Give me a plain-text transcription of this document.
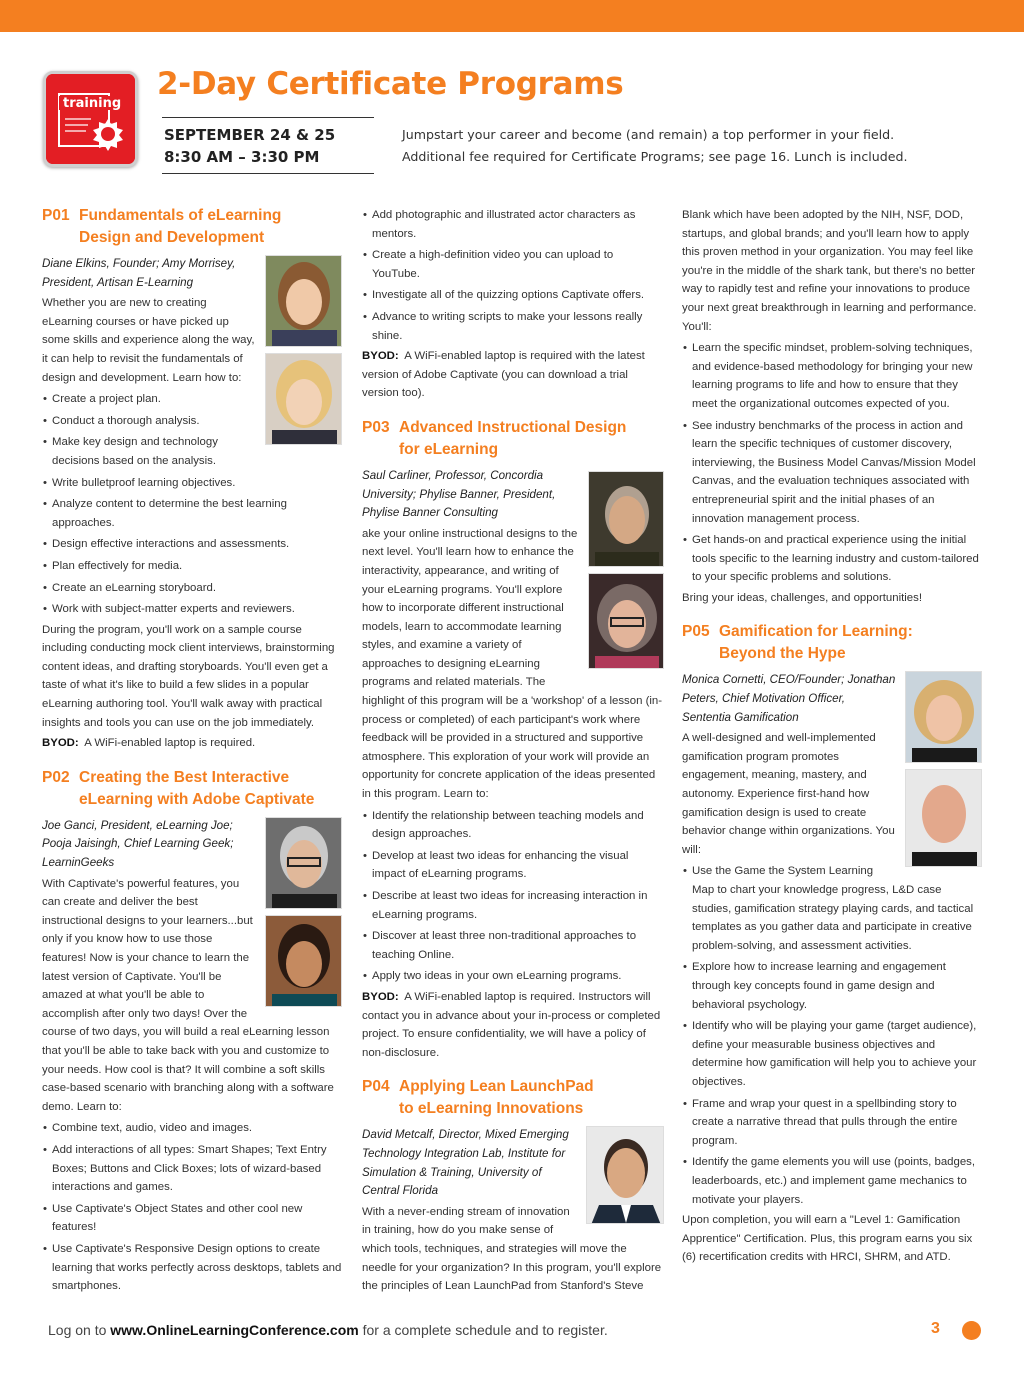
training
2-Day Certificate Programs
SEPTEMBER 24 & 25
8:30 AM – 3:30 PM
Jumpstart your career and become (and remain) a top performer in your field.
Additional fee required for Certificate Programs; see page 16. Lunch is included.
P01 Fundamentals of eLearning
Design and Development
Diane Elkins, Founder; Amy Morrisey, President, Artisan E-Learning
Whether you are new to creating eLearning courses or have picked up some skills and experience along the way, it can help to revisit the fundamentals of design and development. Learn how to:
• Create a project plan.
• Conduct a thorough analysis.
• Make key design and technology decisions based on the analysis.
• Write bulletproof learning objectives.
• Analyze content to determine the best learning approaches.
• Design effective interactions and assessments.
• Plan effectively for media.
• Create an eLearning storyboard.
• Work with subject-matter experts and reviewers.
During the program, you'll work on a sample course including conducting mock client interviews, brainstorming content ideas, and drafting storyboards. You'll even get a taste of what it's like to build a few slides in a popular eLearning authoring tool. You'll walk away with practical insights and tools you can use on the job immediately.
BYOD: A WiFi-enabled laptop is required.
P02 Creating the Best Interactive
eLearning with Adobe Captivate
Joe Ganci, President, eLearning Joe; Pooja Jaisingh, Chief Learning Geek; LearninGeeks
With Captivate's powerful features, you can create and deliver the best instructional designs to your learners...but only if you know how to use those features! Now is your chance to learn the latest version of Captivate. You'll be amazed at what you'll be able to accomplish after only two days! Over the course of two days, you will build a real eLearning lesson that you'll be able to take back with you and customize to your needs. How cool is that? It will combine a soft skills case-based scenario with branching along with a software demo. Learn to:
• Combine text, audio, video and images.
• Add interactions of all types: Smart Shapes; Text Entry Boxes; Buttons and Click Boxes; lots of wizard-based interactions and games.
• Use Captivate's Object States and other cool new features!
• Use Captivate's Responsive Design options to create learning that works perfectly across desktops, tablets and smartphones.
• Add photographic and illustrated actor characters as mentors.
• Create a high-definition video you can upload to YouTube.
• Investigate all of the quizzing options Captivate offers.
• Advance to writing scripts to make your lessons really shine.
BYOD: A WiFi-enabled laptop is required with the latest version of Adobe Captivate (you can download a trial version too).
P03 Advanced Instructional Design
for eLearning
Saul Carliner, Professor, Concordia University; Phylise Banner, President, Phylise Banner Consulting
ake your online instructional designs to the next level. You'll learn how to enhance the interactivity, appearance, and writing of your eLearning programs. You'll explore how to incorporate different instructional models, learn to accommodate learning styles, and examine a variety of approaches to designing eLearning programs and related materials. The highlight of this program will be a 'workshop' of a lesson (in-process or completed) of each participant's work where feedback will be provided in a structured and supportive atmosphere. This exploration of your work will provide an opportunity for concrete application of the ideas presented in this program. Learn to:
• Identify the relationship between teaching models and design approaches.
• Develop at least two ideas for enhancing the visual impact of eLearning programs.
• Describe at least two ideas for increasing interaction in eLearning programs.
• Discover at least three non-traditional approaches to teaching Online.
• Apply two ideas in your own eLearning programs.
BYOD: A WiFi-enabled laptop is required. Instructors will contact you in advance about your in-process or completed project. To ensure confidentiality, we will have a policy of non-disclosure.
P04 Applying Lean LaunchPad
to eLearning Innovations
David Metcalf, Director, Mixed Emerging Technology Integration Lab, Institute for Simulation & Training, University of Central Florida
With a never-ending stream of innovation in training, how do you make sense of which tools, techniques, and strategies will move the needle for your organization? In this program, you'll explore the principles of Lean LaunchPad from Stanford's Steve
Blank which have been adopted by the NIH, NSF, DOD, startups, and global brands; and you'll learn how to apply this proven method in your organization. You may feel like you're in the middle of the shark tank, but there's no better way to rapidly test and refine your innovations to produce your next great breakthrough in learning and performance. You'll:
• Learn the specific mindset, problem-solving techniques, and evidence-based methodology for bringing your new learning programs to life and how to ensure that they meet the organizational outcomes expected of you.
• See industry benchmarks of the process in action and learn the specific techniques of customer discovery, interviewing, the Business Model Canvas/Mission Model Canvas, and the evaluation techniques associated with entrepreneurial spirit and the initial phases of an innovation management process.
• Get hands-on and practical experience using the initial tools specific to the learning industry and custom-tailored to your specific problems and solutions.
Bring your ideas, challenges, and opportunities!
P05 Gamification for Learning:
Beyond the Hype
Monica Cornetti, CEO/Founder; Jonathan Peters, Chief Motivation Officer, Sententia Gamification
A well-designed and well-implemented gamification program promotes engagement, meaning, mastery, and autonomy. Experience first-hand how gamification design is used to create behavior change within organizations. You will:
• Use the Game the System Learning Map to chart your knowledge progress, L&D case studies, gamification strategy playing cards, and tactical templates as you gather data and participate in creative problem-solving, and assessment activities.
• Explore how to increase learning and engagement through key concepts found in game design and behavioral psychology.
• Identify who will be playing your game (target audience), define your measurable business objectives and determine how gamification will help you to achieve your objectives.
• Frame and wrap your quest in a spellbinding story to create a narrative thread that pulls through the entire program.
• Identify the game elements you will use (points, badges, leaderboards, etc.) and implement game mechanics to motivate your players.
Upon completion, you will earn a "Level 1: Gamification Apprentice" Certification. Plus, this program earns you six (6) recertification credits with HRCI, SHRM, and ATD.
Log on to www.OnlineLearningConference.com for a complete schedule and to register.	3
